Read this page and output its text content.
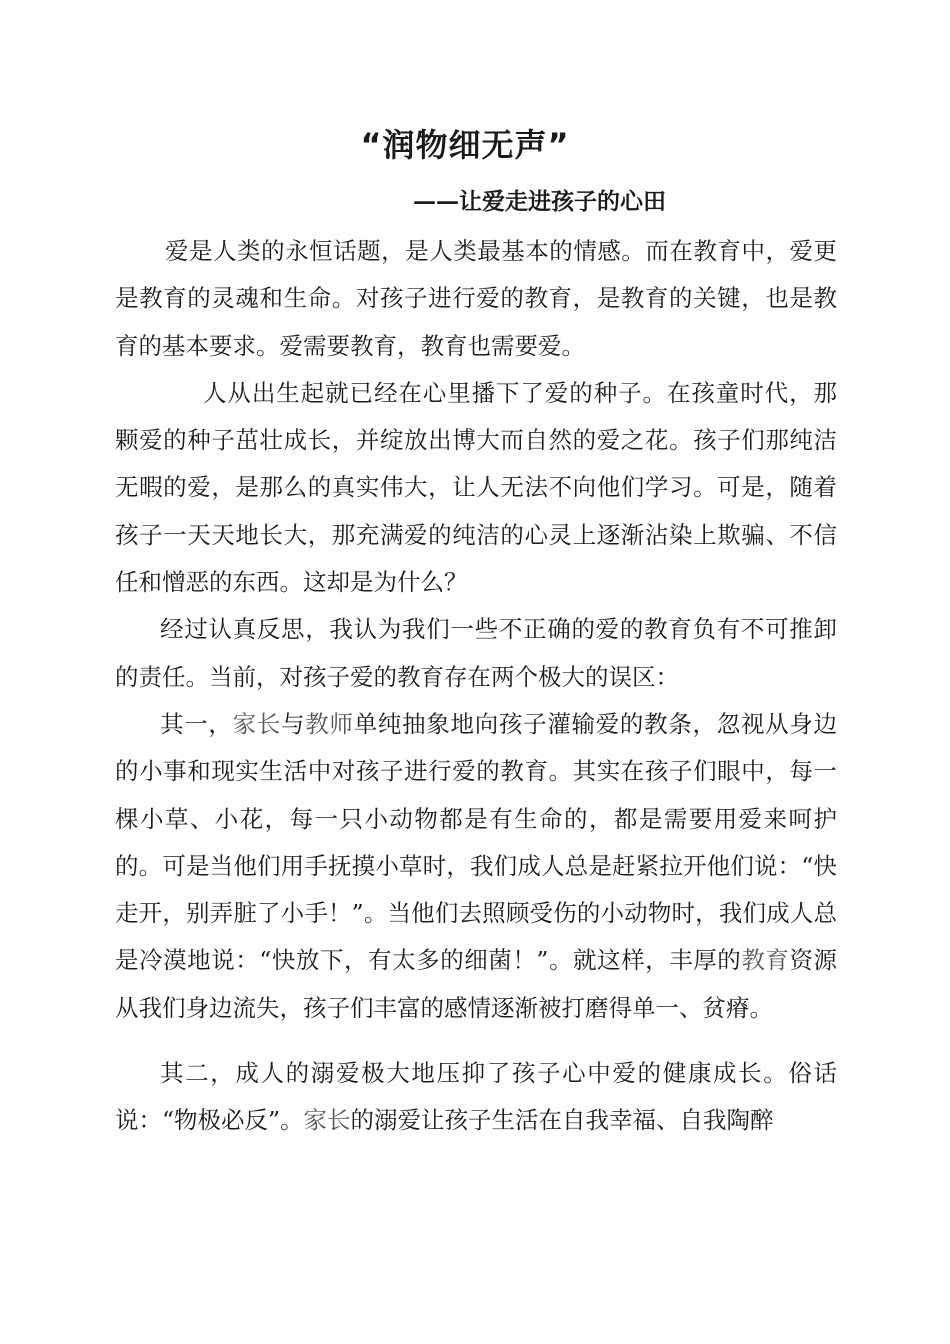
“润物细无声”
——让爱走进孩子的心田

爱是人类的永恒话题，是人类最基本的情感。而在教育中，爱更是教育的灵魂和生命。对孩子进行爱的教育，是教育的关键，也是教育的基本要求。爱需要教育，教育也需要爱。

人从出生起就已经在心里播下了爱的种子。在孩童时代，那颗爱的种子茁壮成长，并绽放出博大而自然的爱之花。孩子们那纯洁无暇的爱，是那么的真实伟大，让人无法不向他们学习。可是，随着孩子一天天地长大，那充满爱的纯洁的心灵上逐渐沾染上欺骗、不信任和憎恶的东西。这却是为什么？

经过认真反思，我认为我们一些不正确的爱的教育负有不可推卸的责任。当前，对孩子爱的教育存在两个极大的误区：

其一，家长与教师单纯抽象地向孩子灌输爱的教条，忽视从身边的小事和现实生活中对孩子进行爱的教育。其实在孩子们眼中，每一棵小草、小花，每一只小动物都是有生命的，都是需要用爱来呵护的。可是当他们用手抚摸小草时，我们成人总是赶紧拉开他们说：“快走开，别弄脏了小手！”。当他们去照顾受伤的小动物时，我们成人总是冷漠地说：“快放下，有太多的细菌！”。就这样，丰厚的教育资源从我们身边流失，孩子们丰富的感情逐渐被打磨得单一、贫瘠。

其二，成人的溺爱极大地压抑了孩子心中爱的健康成长。俗话说：“物极必反”。家长的溺爱让孩子生活在自我幸福、自我陶醉
